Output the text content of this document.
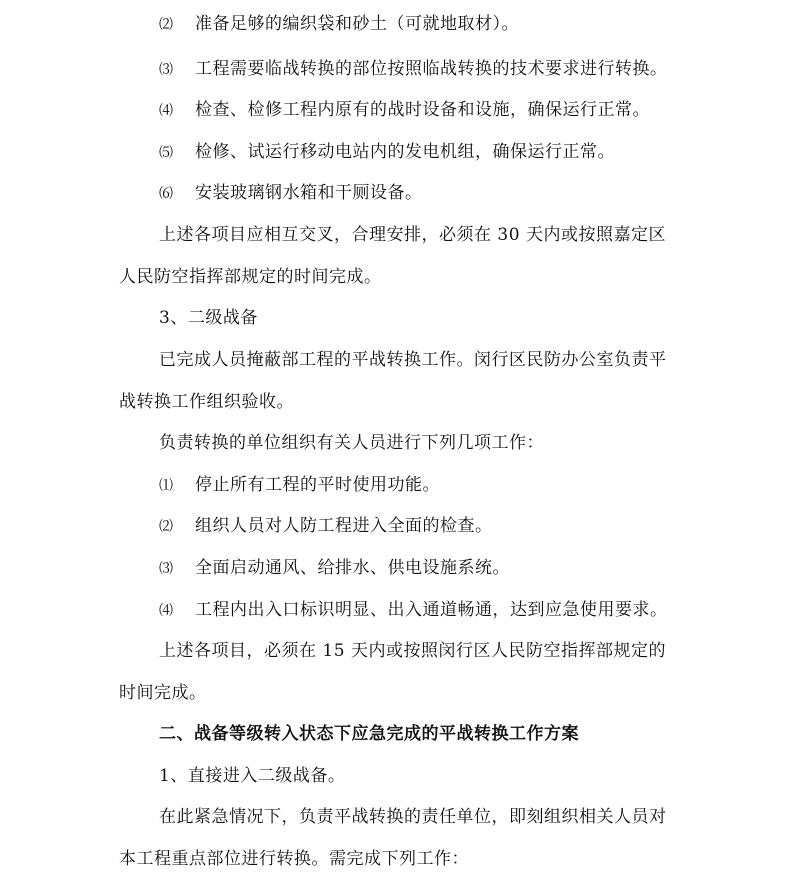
⑵ 准备足够的编织袋和砂土（可就地取材）。
⑶ 工程需要临战转换的部位按照临战转换的技术要求进行转换。
⑷ 检查、检修工程内原有的战时设备和设施，确保运行正常。
⑸ 检修、试运行移动电站内的发电机组，确保运行正常。
⑹ 安装玻璃钢水箱和干厕设备。
上述各项目应相互交叉，合理安排，必须在 30 天内或按照嘉定区
人民防空指挥部规定的时间完成。
3、二级战备
已完成人员掩蔽部工程的平战转换工作。闵行区民防办公室负责平
战转换工作组织验收。
负责转换的单位组织有关人员进行下列几项工作：
⑴ 停止所有工程的平时使用功能。
⑵ 组织人员对人防工程进入全面的检查。
⑶ 全面启动通风、给排水、供电设施系统。
⑷ 工程内出入口标识明显、出入通道畅通，达到应急使用要求。
上述各项目，必须在 15 天内或按照闵行区人民防空指挥部规定的
时间完成。
二、战备等级转入状态下应急完成的平战转换工作方案
1、直接进入二级战备。
在此紧急情况下，负责平战转换的责任单位，即刻组织相关人员对
本工程重点部位进行转换。需完成下列工作：
